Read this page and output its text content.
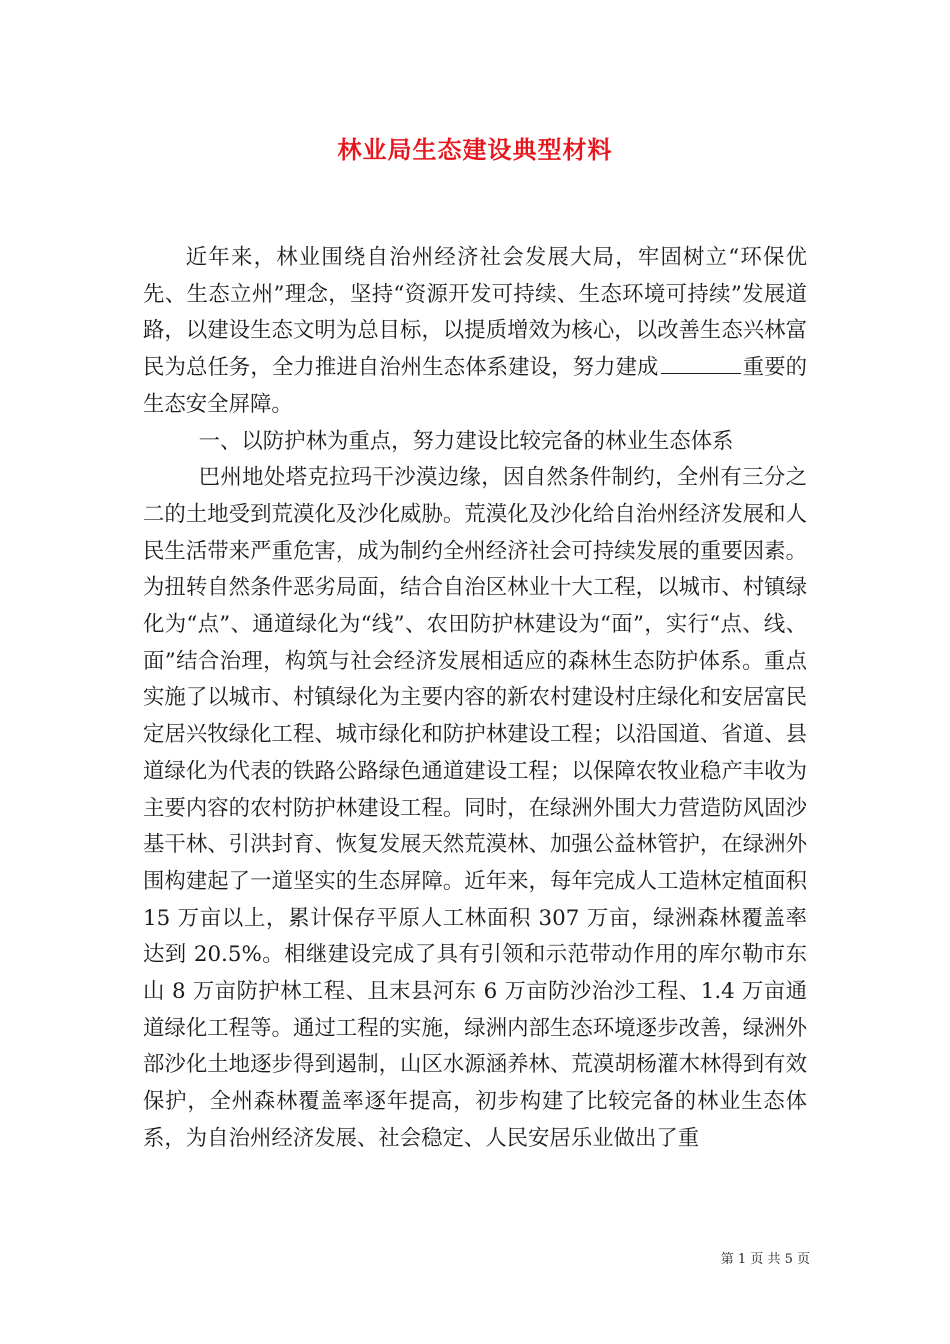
林业局生态建设典型材料

近年来，林业围绕自治州经济社会发展大局，牢固树立“环保优先、生态立州”理念，坚持“资源开发可持续、生态环境可持续”发展道路，以建设生态文明为总目标，以提质增效为核心，以改善生态兴林富民为总任务，全力推进自治州生态体系建设，努力建成	重要的生态安全屏障。

一、以防护林为重点，努力建设比较完备的林业生态体系

巴州地处塔克拉玛干沙漠边缘，因自然条件制约，全州有三分之二的土地受到荒漠化及沙化威胁。荒漠化及沙化给自治州经济发展和人民生活带来严重危害，成为制约全州经济社会可持续发展的重要因素。为扭转自然条件恶劣局面，结合自治区林业十大工程，以城市、村镇绿化为“点”、通道绿化为“线”、农田防护林建设为“面”，实行“点、线、面”结合治理，构筑与社会经济发展相适应的森林生态防护体系。重点实施了以城市、村镇绿化为主要内容的新农村建设村庄绿化和安居富民定居兴牧绿化工程、城市绿化和防护林建设工程；以沿国道、省道、县道绿化为代表的铁路公路绿色通道建设工程；以保障农牧业稳产丰收为主要内容的农村防护林建设工程。同时，在绿洲外围大力营造防风固沙基干林、引洪封育、恢复发展天然荒漠林、加强公益林管护，在绿洲外围构建起了一道坚实的生态屏障。近年来，每年完成人工造林定植面积 15 万亩以上，累计保存平原人工林面积 307 万亩，绿洲森林覆盖率达到 20.5%。相继建设完成了具有引领和示范带动作用的库尔勒市东山 8 万亩防护林工程、且末县河东 6 万亩防沙治沙工程、1.4 万亩通道绿化工程等。通过工程的实施，绿洲内部生态环境逐步改善，绿洲外部沙化土地逐步得到遏制，山区水源涵养林、荒漠胡杨灌木林得到有效保护，全州森林覆盖率逐年提高，初步构建了比较完备的林业生态体系，为自治州经济发展、社会稳定、人民安居乐业做出了重

第 1 页 共 5 页
